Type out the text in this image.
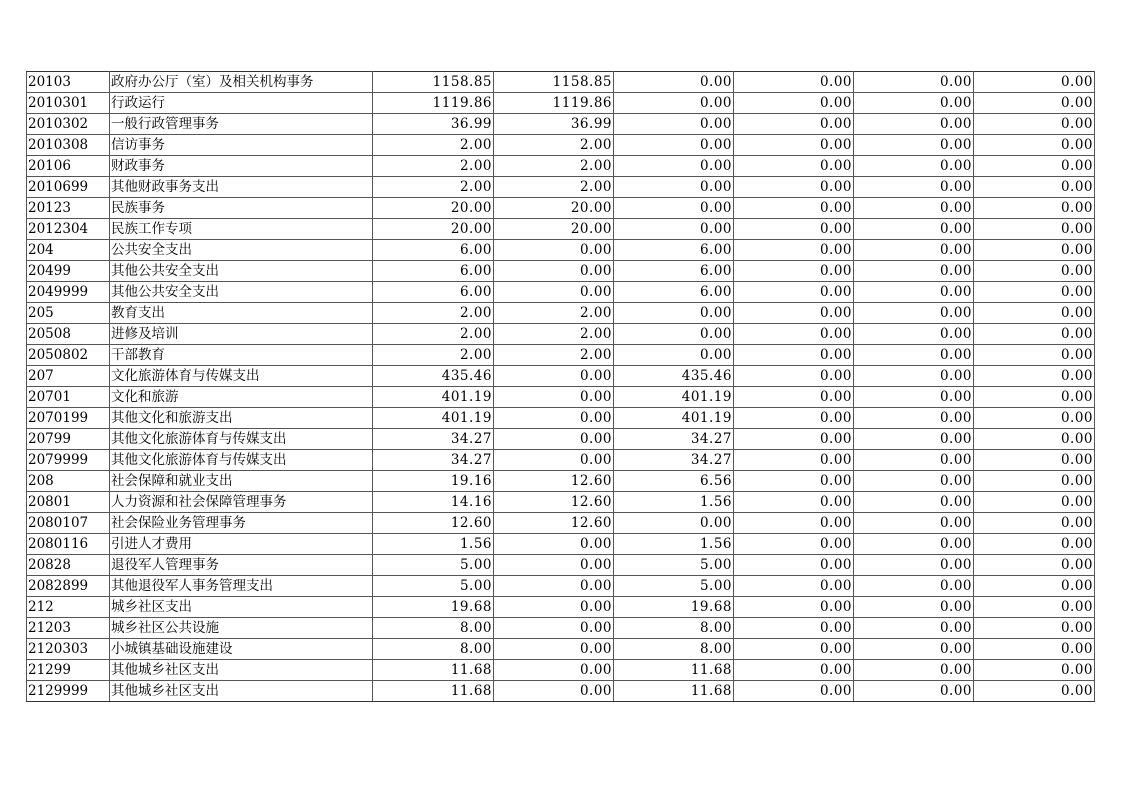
20103	政府办公厅（室）及相关机构事务	1158.85	1158.85	0.00	0.00	0.00	0.00
2010301	行政运行	1119.86	1119.86	0.00	0.00	0.00	0.00
2010302	一般行政管理事务	36.99	36.99	0.00	0.00	0.00	0.00
2010308	信访事务	2.00	2.00	0.00	0.00	0.00	0.00
20106	财政事务	2.00	2.00	0.00	0.00	0.00	0.00
2010699	其他财政事务支出	2.00	2.00	0.00	0.00	0.00	0.00
20123	民族事务	20.00	20.00	0.00	0.00	0.00	0.00
2012304	民族工作专项	20.00	20.00	0.00	0.00	0.00	0.00
204	公共安全支出	6.00	0.00	6.00	0.00	0.00	0.00
20499	其他公共安全支出	6.00	0.00	6.00	0.00	0.00	0.00
2049999	其他公共安全支出	6.00	0.00	6.00	0.00	0.00	0.00
205	教育支出	2.00	2.00	0.00	0.00	0.00	0.00
20508	进修及培训	2.00	2.00	0.00	0.00	0.00	0.00
2050802	干部教育	2.00	2.00	0.00	0.00	0.00	0.00
207	文化旅游体育与传媒支出	435.46	0.00	435.46	0.00	0.00	0.00
20701	文化和旅游	401.19	0.00	401.19	0.00	0.00	0.00
2070199	其他文化和旅游支出	401.19	0.00	401.19	0.00	0.00	0.00
20799	其他文化旅游体育与传媒支出	34.27	0.00	34.27	0.00	0.00	0.00
2079999	其他文化旅游体育与传媒支出	34.27	0.00	34.27	0.00	0.00	0.00
208	社会保障和就业支出	19.16	12.60	6.56	0.00	0.00	0.00
20801	人力资源和社会保障管理事务	14.16	12.60	1.56	0.00	0.00	0.00
2080107	社会保险业务管理事务	12.60	12.60	0.00	0.00	0.00	0.00
2080116	引进人才费用	1.56	0.00	1.56	0.00	0.00	0.00
20828	退役军人管理事务	5.00	0.00	5.00	0.00	0.00	0.00
2082899	其他退役军人事务管理支出	5.00	0.00	5.00	0.00	0.00	0.00
212	城乡社区支出	19.68	0.00	19.68	0.00	0.00	0.00
21203	城乡社区公共设施	8.00	0.00	8.00	0.00	0.00	0.00
2120303	小城镇基础设施建设	8.00	0.00	8.00	0.00	0.00	0.00
21299	其他城乡社区支出	11.68	0.00	11.68	0.00	0.00	0.00
2129999	其他城乡社区支出	11.68	0.00	11.68	0.00	0.00	0.00
